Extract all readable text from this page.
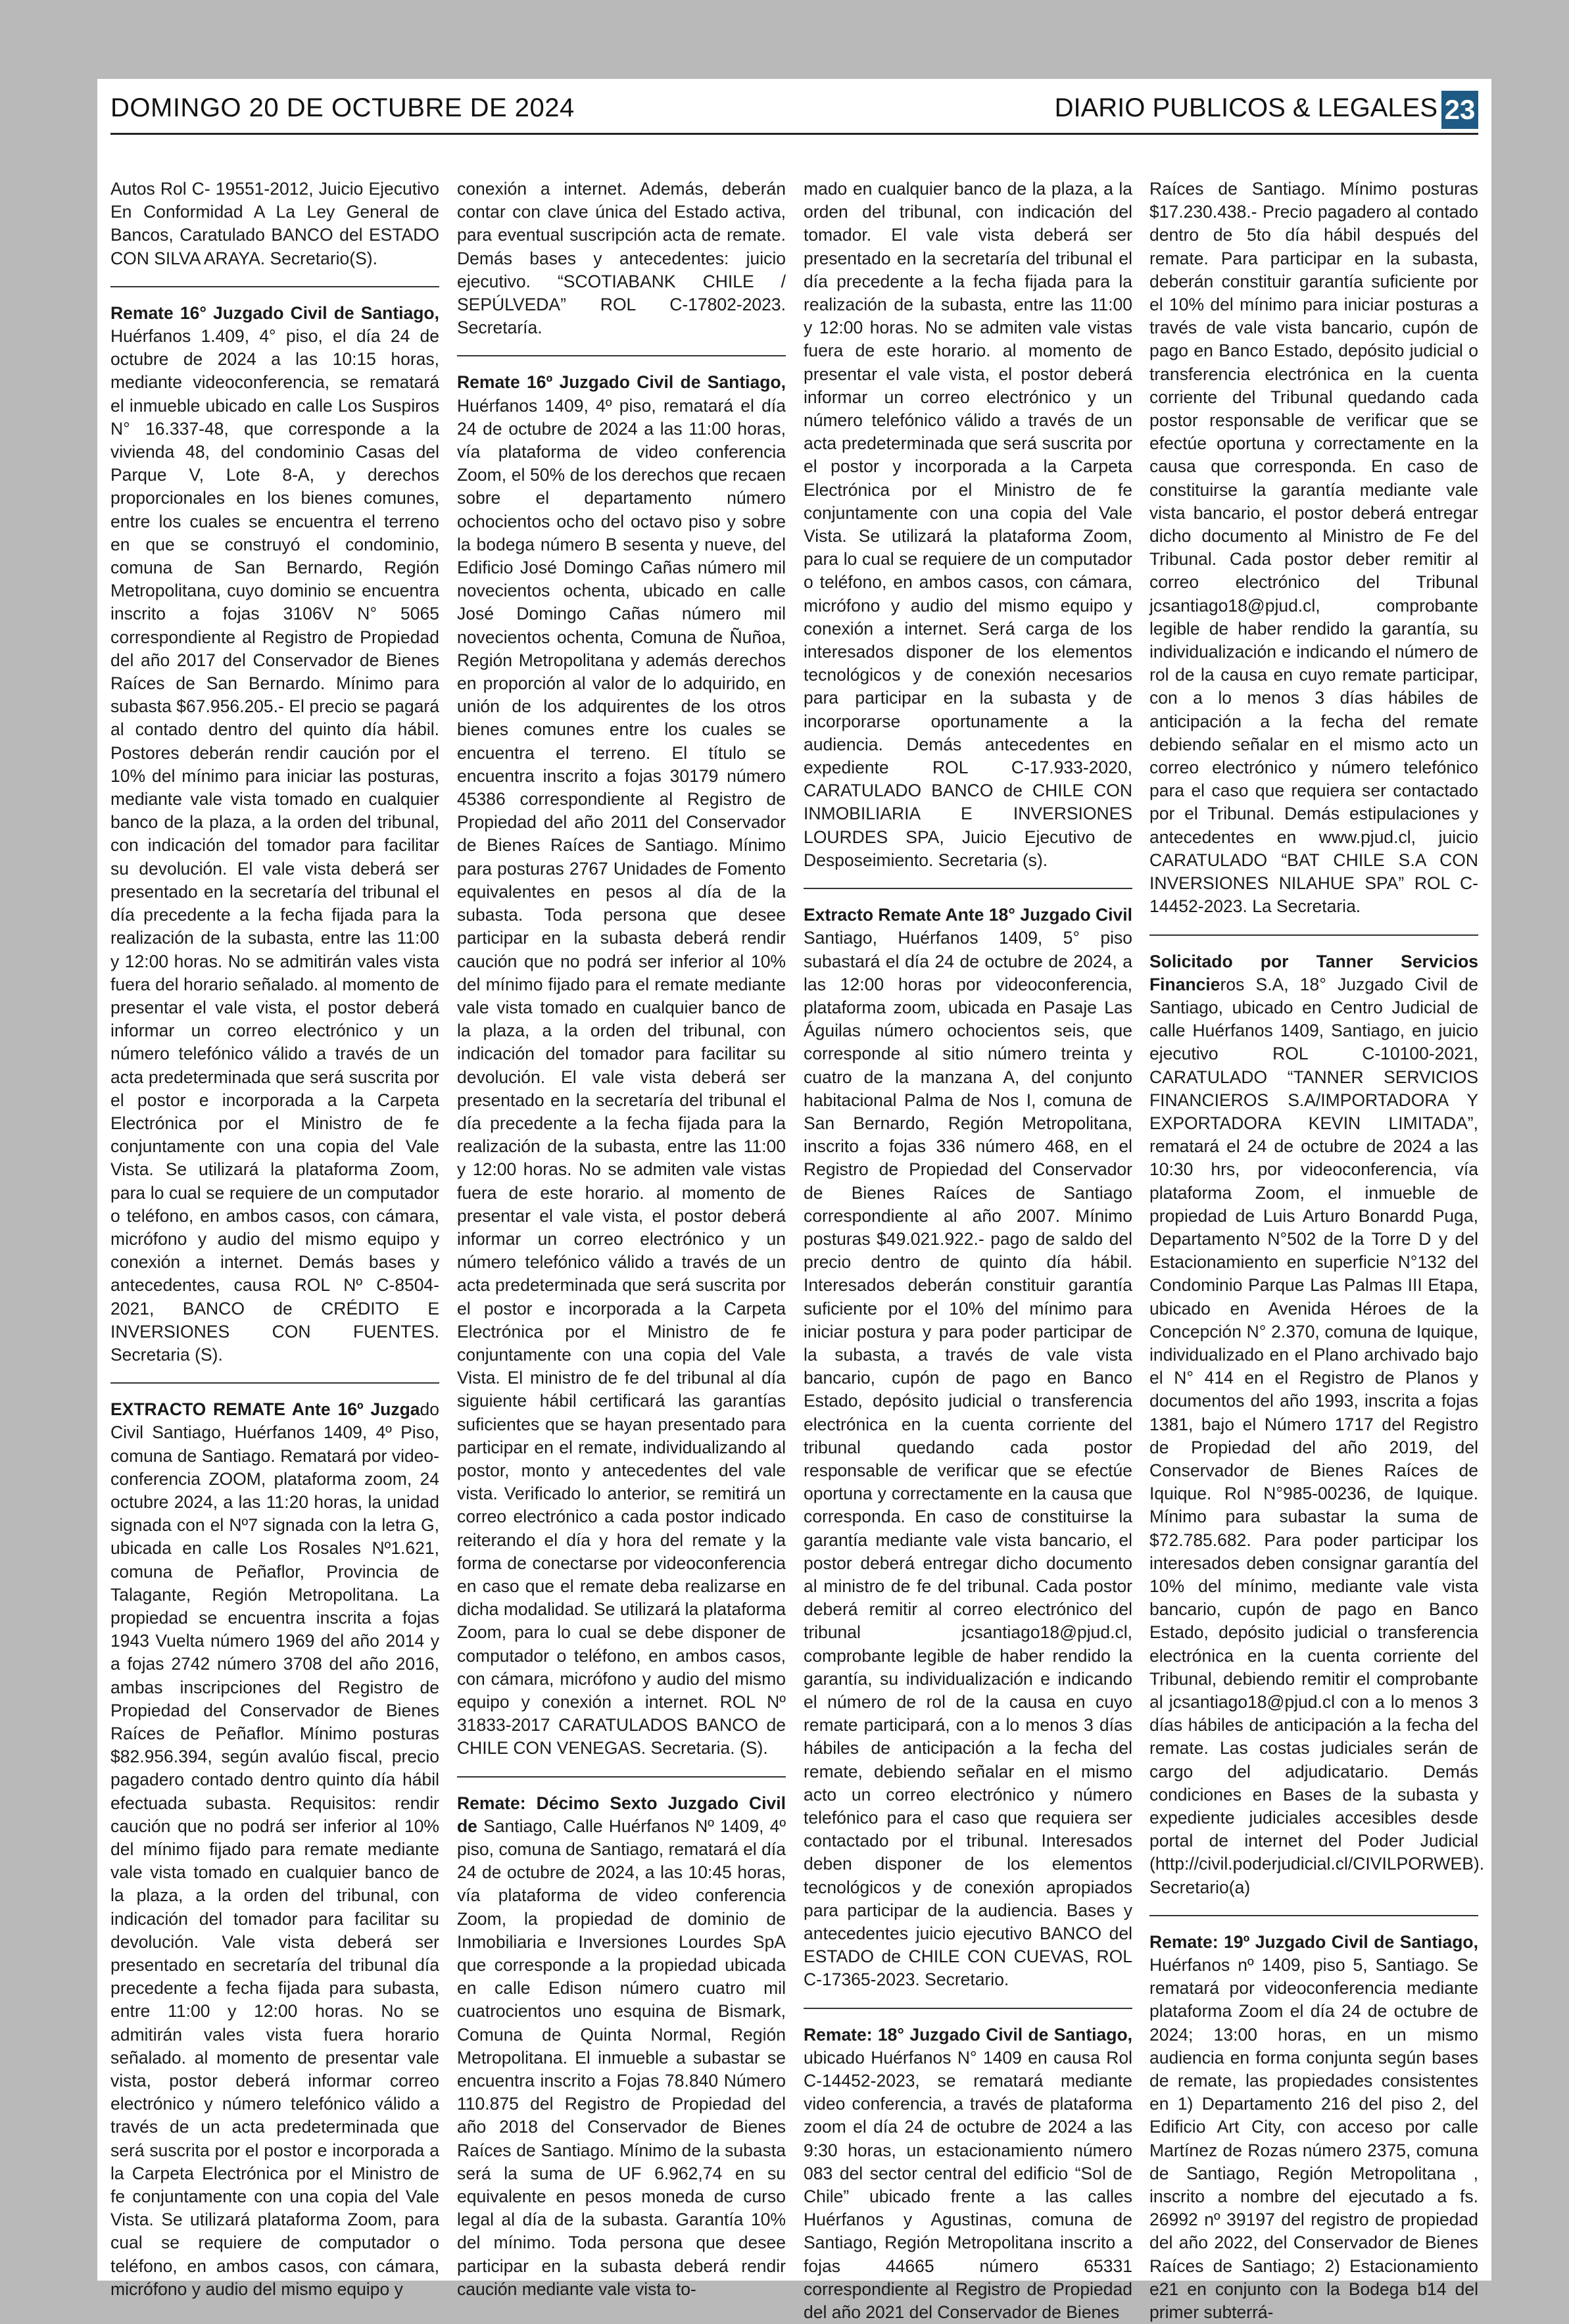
DOMINGO 20 DE OCTUBRE DE 2024	DIARIO PUBLICOS & LEGALES 23

Autos Rol C- 19551-2012, Juicio Ejecutivo En Conformidad A La Ley General de Bancos, Caratulado BANCO del ESTADO CON SILVA ARAYA. Secretario(S).

Remate 16° Juzgado Civil de Santiago, Huérfanos 1.409, 4° piso, el día 24 de octubre de 2024 a las 10:15 horas, mediante videoconferencia, se rematará el inmueble ubicado en calle Los Suspiros N° 16.337-48, que corresponde a la vivienda 48, del condominio Casas del Parque V, Lote 8-A, y derechos proporcionales en los bienes comunes, entre los cuales se encuentra el terreno en que se construyó el condominio, comuna de San Bernardo, Región Metropolitana, cuyo dominio se encuentra inscrito a fojas 3106V N° 5065 correspondiente al Registro de Propiedad del año 2017 del Conservador de Bienes Raíces de San Bernardo. Mínimo para subasta $67.956.205.- El precio se pagará al contado dentro del quinto día hábil. Postores deberán rendir caución por el 10% del mínimo para iniciar las posturas, mediante vale vista tomado en cualquier banco de la plaza, a la orden del tribunal, con indicación del tomador para facilitar su devolución. El vale vista deberá ser presentado en la secretaría del tribunal el día precedente a la fecha fijada para la realización de la subasta, entre las 11:00 y 12:00 horas. No se admitirán vales vista fuera del horario señalado. al momento de presentar el vale vista, el postor deberá informar un correo electrónico y un número telefónico válido a través de un acta predeterminada que será suscrita por el postor e incorporada a la Carpeta Electrónica por el Ministro de fe conjuntamente con una copia del Vale Vista. Se utilizará la plataforma Zoom, para lo cual se requiere de un computador o teléfono, en ambos casos, con cámara, micrófono y audio del mismo equipo y conexión a internet. Demás bases y antecedentes, causa ROL Nº C-8504-2021, BANCO de CRÉDITO E INVERSIONES CON FUENTES. Secretaria (S).

EXTRACTO REMATE Ante 16º Juzgado Civil Santiago, Huérfanos 1409, 4º Piso, comuna de Santiago. Rematará por video-conferencia ZOOM, plataforma zoom, 24 octubre 2024, a las 11:20 horas, la unidad signada con el Nº7 signada con la letra G, ubicada en calle Los Rosales Nº1.621, comuna de Peñaflor, Provincia de Talagante, Región Metropolitana. La propiedad se encuentra inscrita a fojas 1943 Vuelta número 1969 del año 2014 y a fojas 2742 número 3708 del año 2016, ambas inscripciones del Registro de Propiedad del Conservador de Bienes Raíces de Peñaflor. Mínimo posturas $82.956.394, según avalúo fiscal, precio pagadero contado dentro quinto día hábil efectuada subasta. Requisitos: rendir caución que no podrá ser inferior al 10% del mínimo fijado para remate mediante vale vista tomado en cualquier banco de la plaza, a la orden del tribunal, con indicación del tomador para facilitar su devolución. Vale vista deberá ser presentado en secretaría del tribunal día precedente a fecha fijada para subasta, entre 11:00 y 12:00 horas. No se admitirán vales vista fuera horario señalado. al momento de presentar vale vista, postor deberá informar correo electrónico y número telefónico válido a través de un acta predeterminada que será suscrita por el postor e incorporada a la Carpeta Electrónica por el Ministro de fe conjuntamente con una copia del Vale Vista. Se utilizará plataforma Zoom, para cual se requiere de computador o teléfono, en ambos casos, con cámara, micrófono y audio del mismo equipo y

conexión a internet. Además, deberán contar con clave única del Estado activa, para eventual suscripción acta de remate. Demás bases y antecedentes: juicio ejecutivo. “SCOTIABANK CHILE / SEPÚLVEDA” ROL C-17802-2023. Secretaría.

Remate 16º Juzgado Civil de Santiago, Huérfanos 1409, 4º piso, rematará el día 24 de octubre de 2024 a las 11:00 horas, vía plataforma de video conferencia Zoom, el 50% de los derechos que recaen sobre el departamento número ochocientos ocho del octavo piso y sobre la bodega número B sesenta y nueve, del Edificio José Domingo Cañas número mil novecientos ochenta, ubicado en calle José Domingo Cañas número mil novecientos ochenta, Comuna de Ñuñoa, Región Metropolitana y además derechos en proporción al valor de lo adquirido, en unión de los adquirentes de los otros bienes comunes entre los cuales se encuentra el terreno. El título se encuentra inscrito a fojas 30179 número 45386 correspondiente al Registro de Propiedad del año 2011 del Conservador de Bienes Raíces de Santiago. Mínimo para posturas 2767 Unidades de Fomento equivalentes en pesos al día de la subasta. Toda persona que desee participar en la subasta deberá rendir caución que no podrá ser inferior al 10% del mínimo fijado para el remate mediante vale vista tomado en cualquier banco de la plaza, a la orden del tribunal, con indicación del tomador para facilitar su devolución. El vale vista deberá ser presentado en la secretaría del tribunal el día precedente a la fecha fijada para la realización de la subasta, entre las 11:00 y 12:00 horas. No se admiten vale vistas fuera de este horario. al momento de presentar el vale vista, el postor deberá informar un correo electrónico y un número telefónico válido a través de un acta predeterminada que será suscrita por el postor e incorporada a la Carpeta Electrónica por el Ministro de fe conjuntamente con una copia del Vale Vista. El ministro de fe del tribunal al día siguiente hábil certificará las garantías suficientes que se hayan presentado para participar en el remate, individualizando al postor, monto y antecedentes del vale vista. Verificado lo anterior, se remitirá un correo electrónico a cada postor indicado reiterando el día y hora del remate y la forma de conectarse por videoconferencia en caso que el remate deba realizarse en dicha modalidad. Se utilizará la plataforma Zoom, para lo cual se debe disponer de computador o teléfono, en ambos casos, con cámara, micrófono y audio del mismo equipo y conexión a internet. ROL Nº 31833-2017 CARATULADOS BANCO de CHILE CON VENEGAS. Secretaria. (S).

Remate: Décimo Sexto Juzgado Civil de Santiago, Calle Huérfanos Nº 1409, 4º piso, comuna de Santiago, rematará el día 24 de octubre de 2024, a las 10:45 horas, vía plataforma de video conferencia Zoom, la propiedad de dominio de Inmobiliaria e Inversiones Lourdes SpA que corresponde a la propiedad ubicada en calle Edison número cuatro mil cuatrocientos uno esquina de Bismark, Comuna de Quinta Normal, Región Metropolitana. El inmueble a subastar se encuentra inscrito a Fojas 78.840 Número 110.875 del Registro de Propiedad del año 2018 del Conservador de Bienes Raíces de Santiago. Mínimo de la subasta será la suma de UF 6.962,74 en su equivalente en pesos moneda de curso legal al día de la subasta. Garantía 10% del mínimo. Toda persona que desee participar en la subasta deberá rendir caución mediante vale vista to-

mado en cualquier banco de la plaza, a la orden del tribunal, con indicación del tomador. El vale vista deberá ser presentado en la secretaría del tribunal el día precedente a la fecha fijada para la realización de la subasta, entre las 11:00 y 12:00 horas. No se admiten vale vistas fuera de este horario. al momento de presentar el vale vista, el postor deberá informar un correo electrónico y un número telefónico válido a través de un acta predeterminada que será suscrita por el postor y incorporada a la Carpeta Electrónica por el Ministro de fe conjuntamente con una copia del Vale Vista. Se utilizará la plataforma Zoom, para lo cual se requiere de un computador o teléfono, en ambos casos, con cámara, micrófono y audio del mismo equipo y conexión a internet. Será carga de los interesados disponer de los elementos tecnológicos y de conexión necesarios para participar en la subasta y de incorporarse oportunamente a la audiencia. Demás antecedentes en expediente ROL C-17.933-2020, CARATULADO BANCO de CHILE CON INMOBILIARIA E INVERSIONES LOURDES SPA, Juicio Ejecutivo de Desposeimiento. Secretaria (s).

Extracto Remate Ante 18° Juzgado Civil Santiago, Huérfanos 1409, 5° piso subastará el día 24 de octubre de 2024, a las 12:00 horas por videoconferencia, plataforma zoom, ubicada en Pasaje Las Águilas número ochocientos seis, que corresponde al sitio número treinta y cuatro de la manzana A, del conjunto habitacional Palma de Nos I, comuna de San Bernardo, Región Metropolitana, inscrito a fojas 336 número 468, en el Registro de Propiedad del Conservador de Bienes Raíces de Santiago correspondiente al año 2007. Mínimo posturas $49.021.922.- pago de saldo del precio dentro de quinto día hábil. Interesados deberán constituir garantía suficiente por el 10% del mínimo para iniciar postura y para poder participar de la subasta, a través de vale vista bancario, cupón de pago en Banco Estado, depósito judicial o transferencia electrónica en la cuenta corriente del tribunal quedando cada postor responsable de verificar que se efectúe oportuna y correctamente en la causa que corresponda. En caso de constituirse la garantía mediante vale vista bancario, el postor deberá entregar dicho documento al ministro de fe del tribunal. Cada postor deberá remitir al correo electrónico del tribunal jcsantiago18@pjud.cl, comprobante legible de haber rendido la garantía, su individualización e indicando el número de rol de la causa en cuyo remate participará, con a lo menos 3 días hábiles de anticipación a la fecha del remate, debiendo señalar en el mismo acto un correo electrónico y número telefónico para el caso que requiera ser contactado por el tribunal. Interesados deben disponer de los elementos tecnológicos y de conexión apropiados para participar de la audiencia. Bases y antecedentes juicio ejecutivo BANCO del ESTADO de CHILE CON CUEVAS, ROL C-17365-2023. Secretario.

Remate: 18° Juzgado Civil de Santiago, ubicado Huérfanos N° 1409 en causa Rol C-14452-2023, se rematará mediante video conferencia, a través de plataforma zoom el día 24 de octubre de 2024 a las 9:30 horas, un estacionamiento número 083 del sector central del edificio “Sol de Chile” ubicado frente a las calles Huérfanos y Agustinas, comuna de Santiago, Región Metropolitana inscrito a fojas 44665 número 65331 correspondiente al Registro de Propiedad del año 2021 del Conservador de Bienes

Raíces de Santiago. Mínimo posturas $17.230.438.- Precio pagadero al contado dentro de 5to día hábil después del remate. Para participar en la subasta, deberán constituir garantía suficiente por el 10% del mínimo para iniciar posturas a través de vale vista bancario, cupón de pago en Banco Estado, depósito judicial o transferencia electrónica en la cuenta corriente del Tribunal quedando cada postor responsable de verificar que se efectúe oportuna y correctamente en la causa que corresponda. En caso de constituirse la garantía mediante vale vista bancario, el postor deberá entregar dicho documento al Ministro de Fe del Tribunal. Cada postor deber remitir al correo electrónico del Tribunal jcsantiago18@pjud.cl, comprobante legible de haber rendido la garantía, su individualización e indicando el número de rol de la causa en cuyo remate participar, con a lo menos 3 días hábiles de anticipación a la fecha del remate debiendo señalar en el mismo acto un correo electrónico y número telefónico para el caso que requiera ser contactado por el Tribunal. Demás estipulaciones y antecedentes en www.pjud.cl, juicio CARATULADO “BAT CHILE S.A CON INVERSIONES NILAHUE SPA” ROL C- 14452-2023. La Secretaria.

Solicitado por Tanner Servicios Financieros S.A, 18° Juzgado Civil de Santiago, ubicado en Centro Judicial de calle Huérfanos 1409, Santiago, en juicio ejecutivo ROL C-10100-2021, CARATULADO “TANNER SERVICIOS FINANCIEROS S.A/IMPORTADORA Y EXPORTADORA KEVIN LIMITADA”, rematará el 24 de octubre de 2024 a las 10:30 hrs, por videoconferencia, vía plataforma Zoom, el inmueble de propiedad de Luis Arturo Bonardd Puga, Departamento N°502 de la Torre D y del Estacionamiento en superficie N°132 del Condominio Parque Las Palmas III Etapa, ubicado en Avenida Héroes de la Concepción N° 2.370, comuna de Iquique, individualizado en el Plano archivado bajo el N° 414 en el Registro de Planos y documentos del año 1993, inscrita a fojas 1381, bajo el Número 1717 del Registro de Propiedad del año 2019, del Conservador de Bienes Raíces de Iquique. Rol N°985-00236, de Iquique. Mínimo para subastar la suma de $72.785.682. Para poder participar los interesados deben consignar garantía del 10% del mínimo, mediante vale vista bancario, cupón de pago en Banco Estado, depósito judicial o transferencia electrónica en la cuenta corriente del Tribunal, debiendo remitir el comprobante al jcsantiago18@pjud.cl con a lo menos 3 días hábiles de anticipación a la fecha del remate. Las costas judiciales serán de cargo del adjudicatario. Demás condiciones en Bases de la subasta y expediente judiciales accesibles desde portal de internet del Poder Judicial (http://civil.poderjudicial.cl/CIVILPORWEB). Secretario(a)

Remate: 19º Juzgado Civil de Santiago, Huérfanos nº 1409, piso 5, Santiago. Se rematará por videoconferencia mediante plataforma Zoom el día 24 de octubre de 2024; 13:00 horas, en un mismo audiencia en forma conjunta según bases de remate, las propiedades consistentes en 1) Departamento 216 del piso 2, del Edificio Art City, con acceso por calle Martínez de Rozas número 2375, comuna de Santiago, Región Metropolitana , inscrito a nombre del ejecutado a fs. 26992 nº 39197 del registro de propiedad del año 2022, del Conservador de Bienes Raíces de Santiago; 2) Estacionamiento e21 en conjunto con la Bodega b14 del primer subterrá-
